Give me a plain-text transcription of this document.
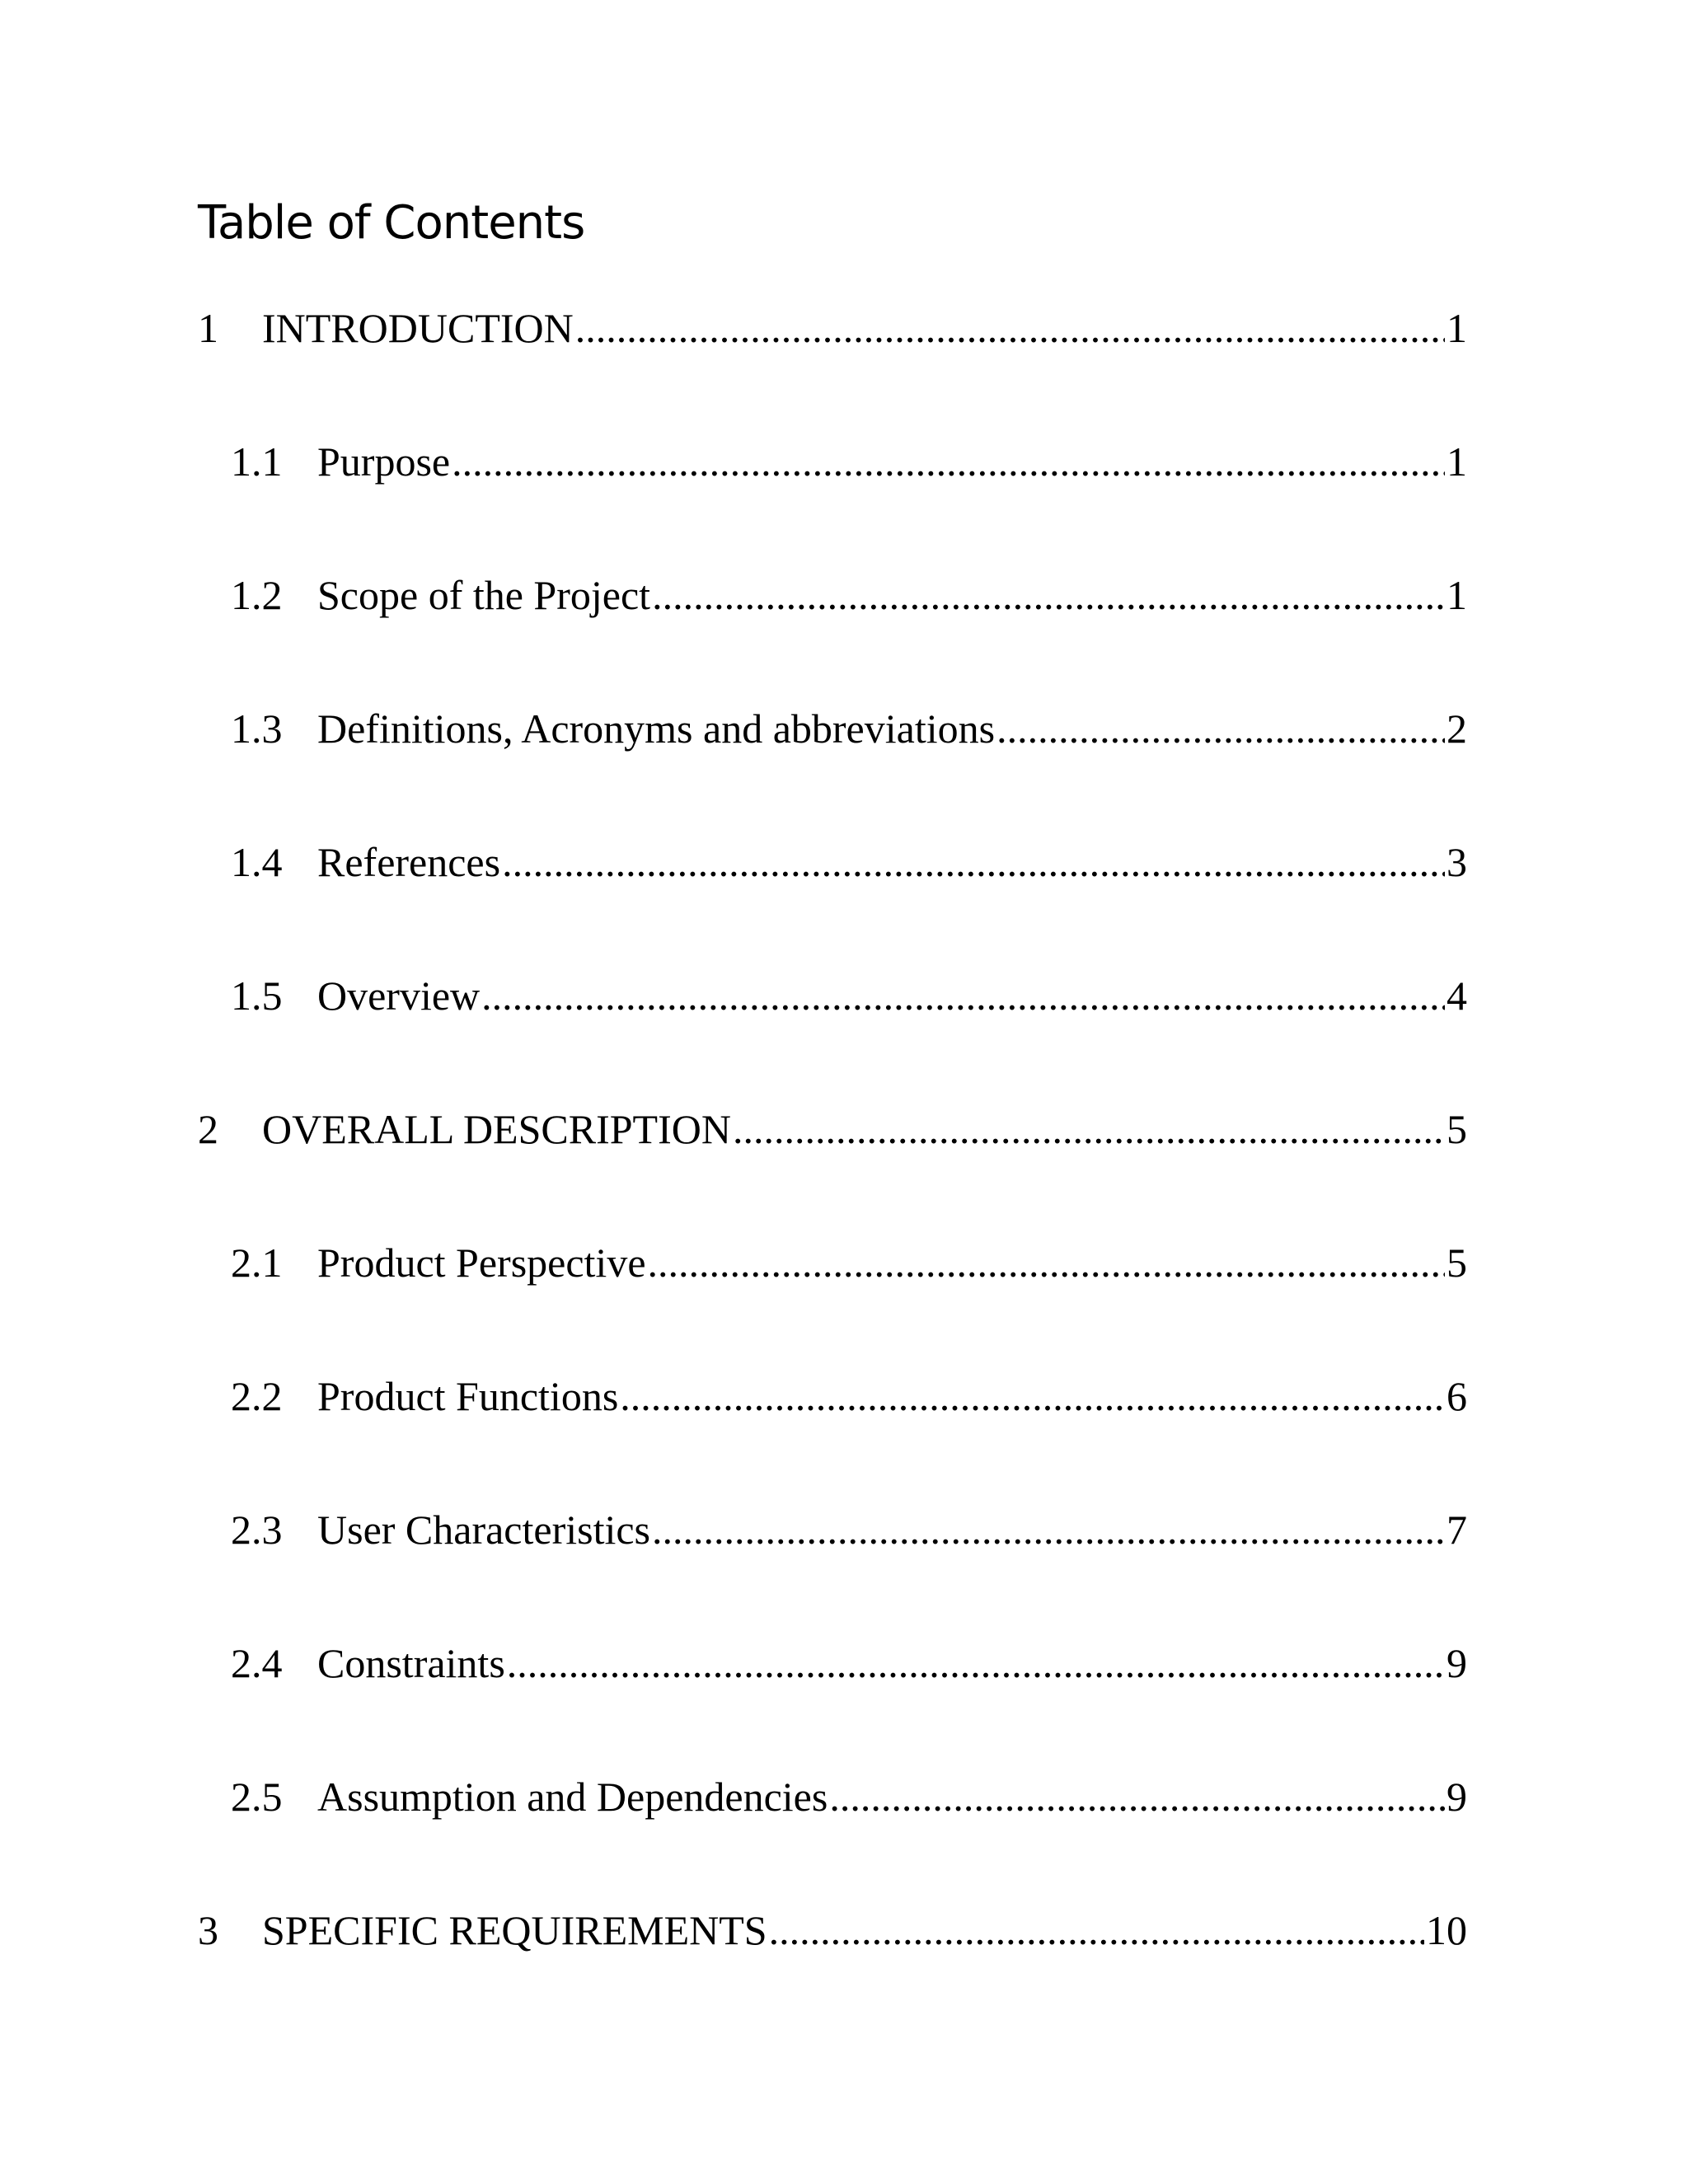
Table of Contents
1	INTRODUCTION .....	1
1.1 Purpose .....	1
1.2 Scope of the Project .....	1
1.3 Definitions, Acronyms and abbreviations .....	2
1.4 References .....	3
1.5 Overview .....	4
2	OVERALL DESCRIPTION .....	5
2.1 Product Perspective .....	5
2.2 Product Functions .....	6
2.3 User Characteristics .....	7
2.4 Constraints .....	9
2.5 Assumption and Dependencies .....	9
3	SPECIFIC REQUIREMENTS .....	10
